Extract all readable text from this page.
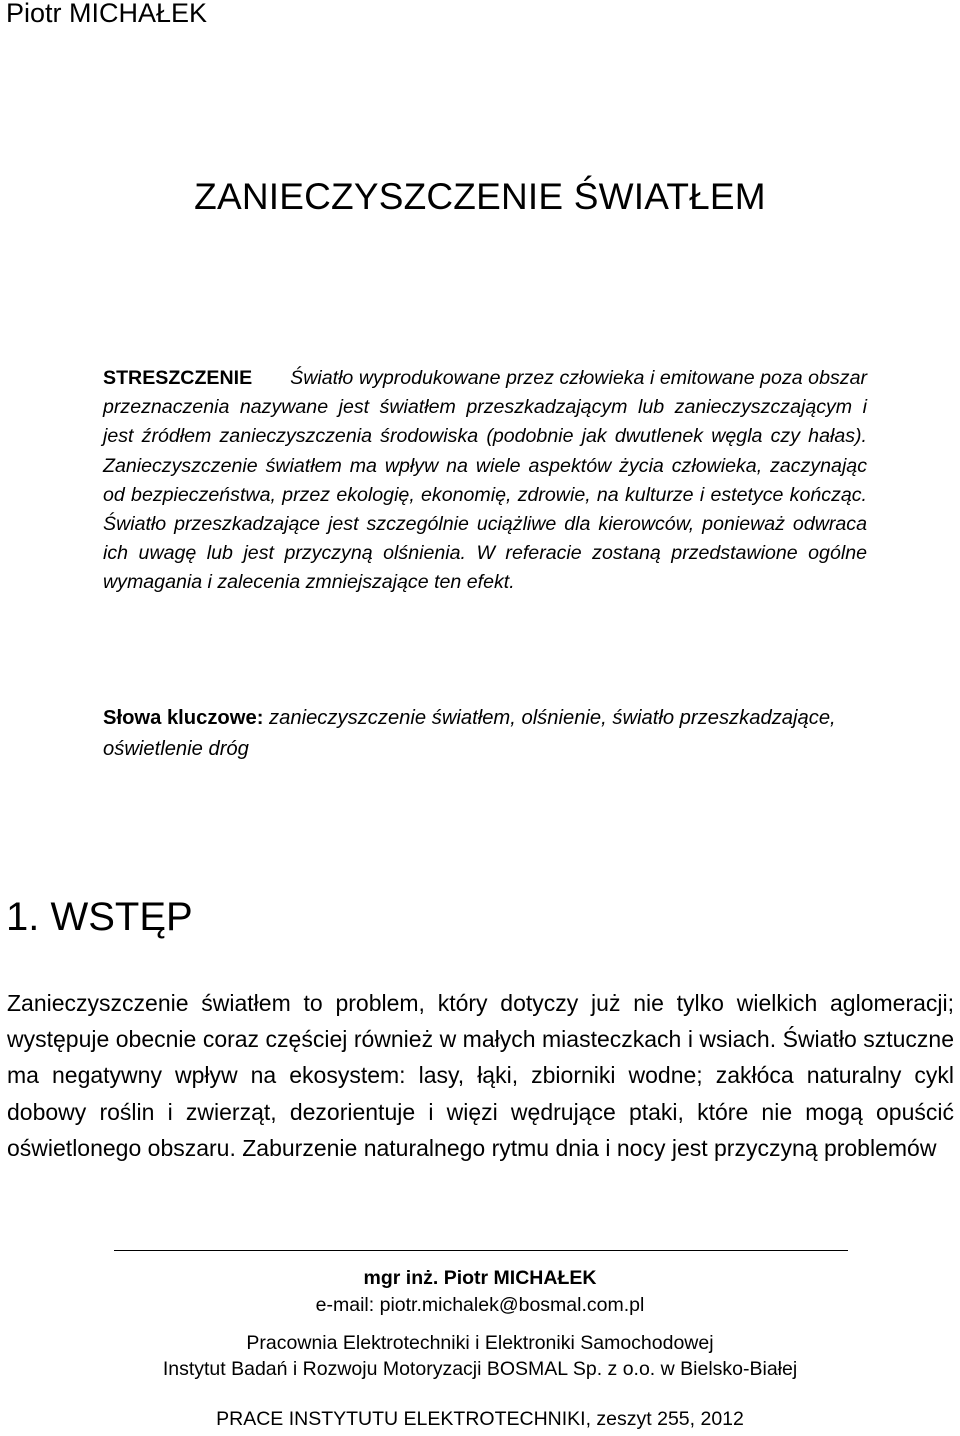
Piotr MICHAŁEK
ZANIECZYSZCZENIE ŚWIATŁEM
STRESZCZENIE Światło wyprodukowane przez człowieka i emitowane poza obszar przeznaczenia nazywane jest światłem przeszkadzającym lub zanieczyszczającym i jest źródłem zanieczyszczenia środowiska (podobnie jak dwutlenek węgla czy hałas). Zanieczyszczenie światłem ma wpływ na wiele aspektów życia człowieka, zaczynając od bezpieczeństwa, przez ekologię, ekonomię, zdrowie, na kulturze i estetyce kończąc. Światło przeszkadzające jest szczególnie uciążliwe dla kierowców, ponieważ odwraca ich uwagę lub jest przyczyną olśnienia. W referacie zostaną przedstawione ogólne wymagania i zalecenia zmniejszające ten efekt.
Słowa kluczowe: zanieczyszczenie światłem, olśnienie, światło przeszkadzające, oświetlenie dróg
1. WSTĘP
Zanieczyszczenie światłem to problem, który dotyczy już nie tylko wielkich aglomeracji; występuje obecnie coraz częściej również w małych miasteczkach i wsiach. Światło sztuczne ma negatywny wpływ na ekosystem: lasy, łąki, zbiorniki wodne; zakłóca naturalny cykl dobowy roślin i zwierząt, dezorientuje i więzi wędrujące ptaki, które nie mogą opuścić oświetlonego obszaru. Zaburzenie naturalnego rytmu dnia i nocy jest przyczyną problemów
mgr inż. Piotr MICHAŁEK
e-mail: piotr.michalek@bosmal.com.pl
Pracownia Elektrotechniki i Elektroniki Samochodowej
Instytut Badań i Rozwoju Motoryzacji BOSMAL Sp. z o.o. w Bielsko-Białej
PRACE INSTYTUTU ELEKTROTECHNIKI, zeszyt 255, 2012
